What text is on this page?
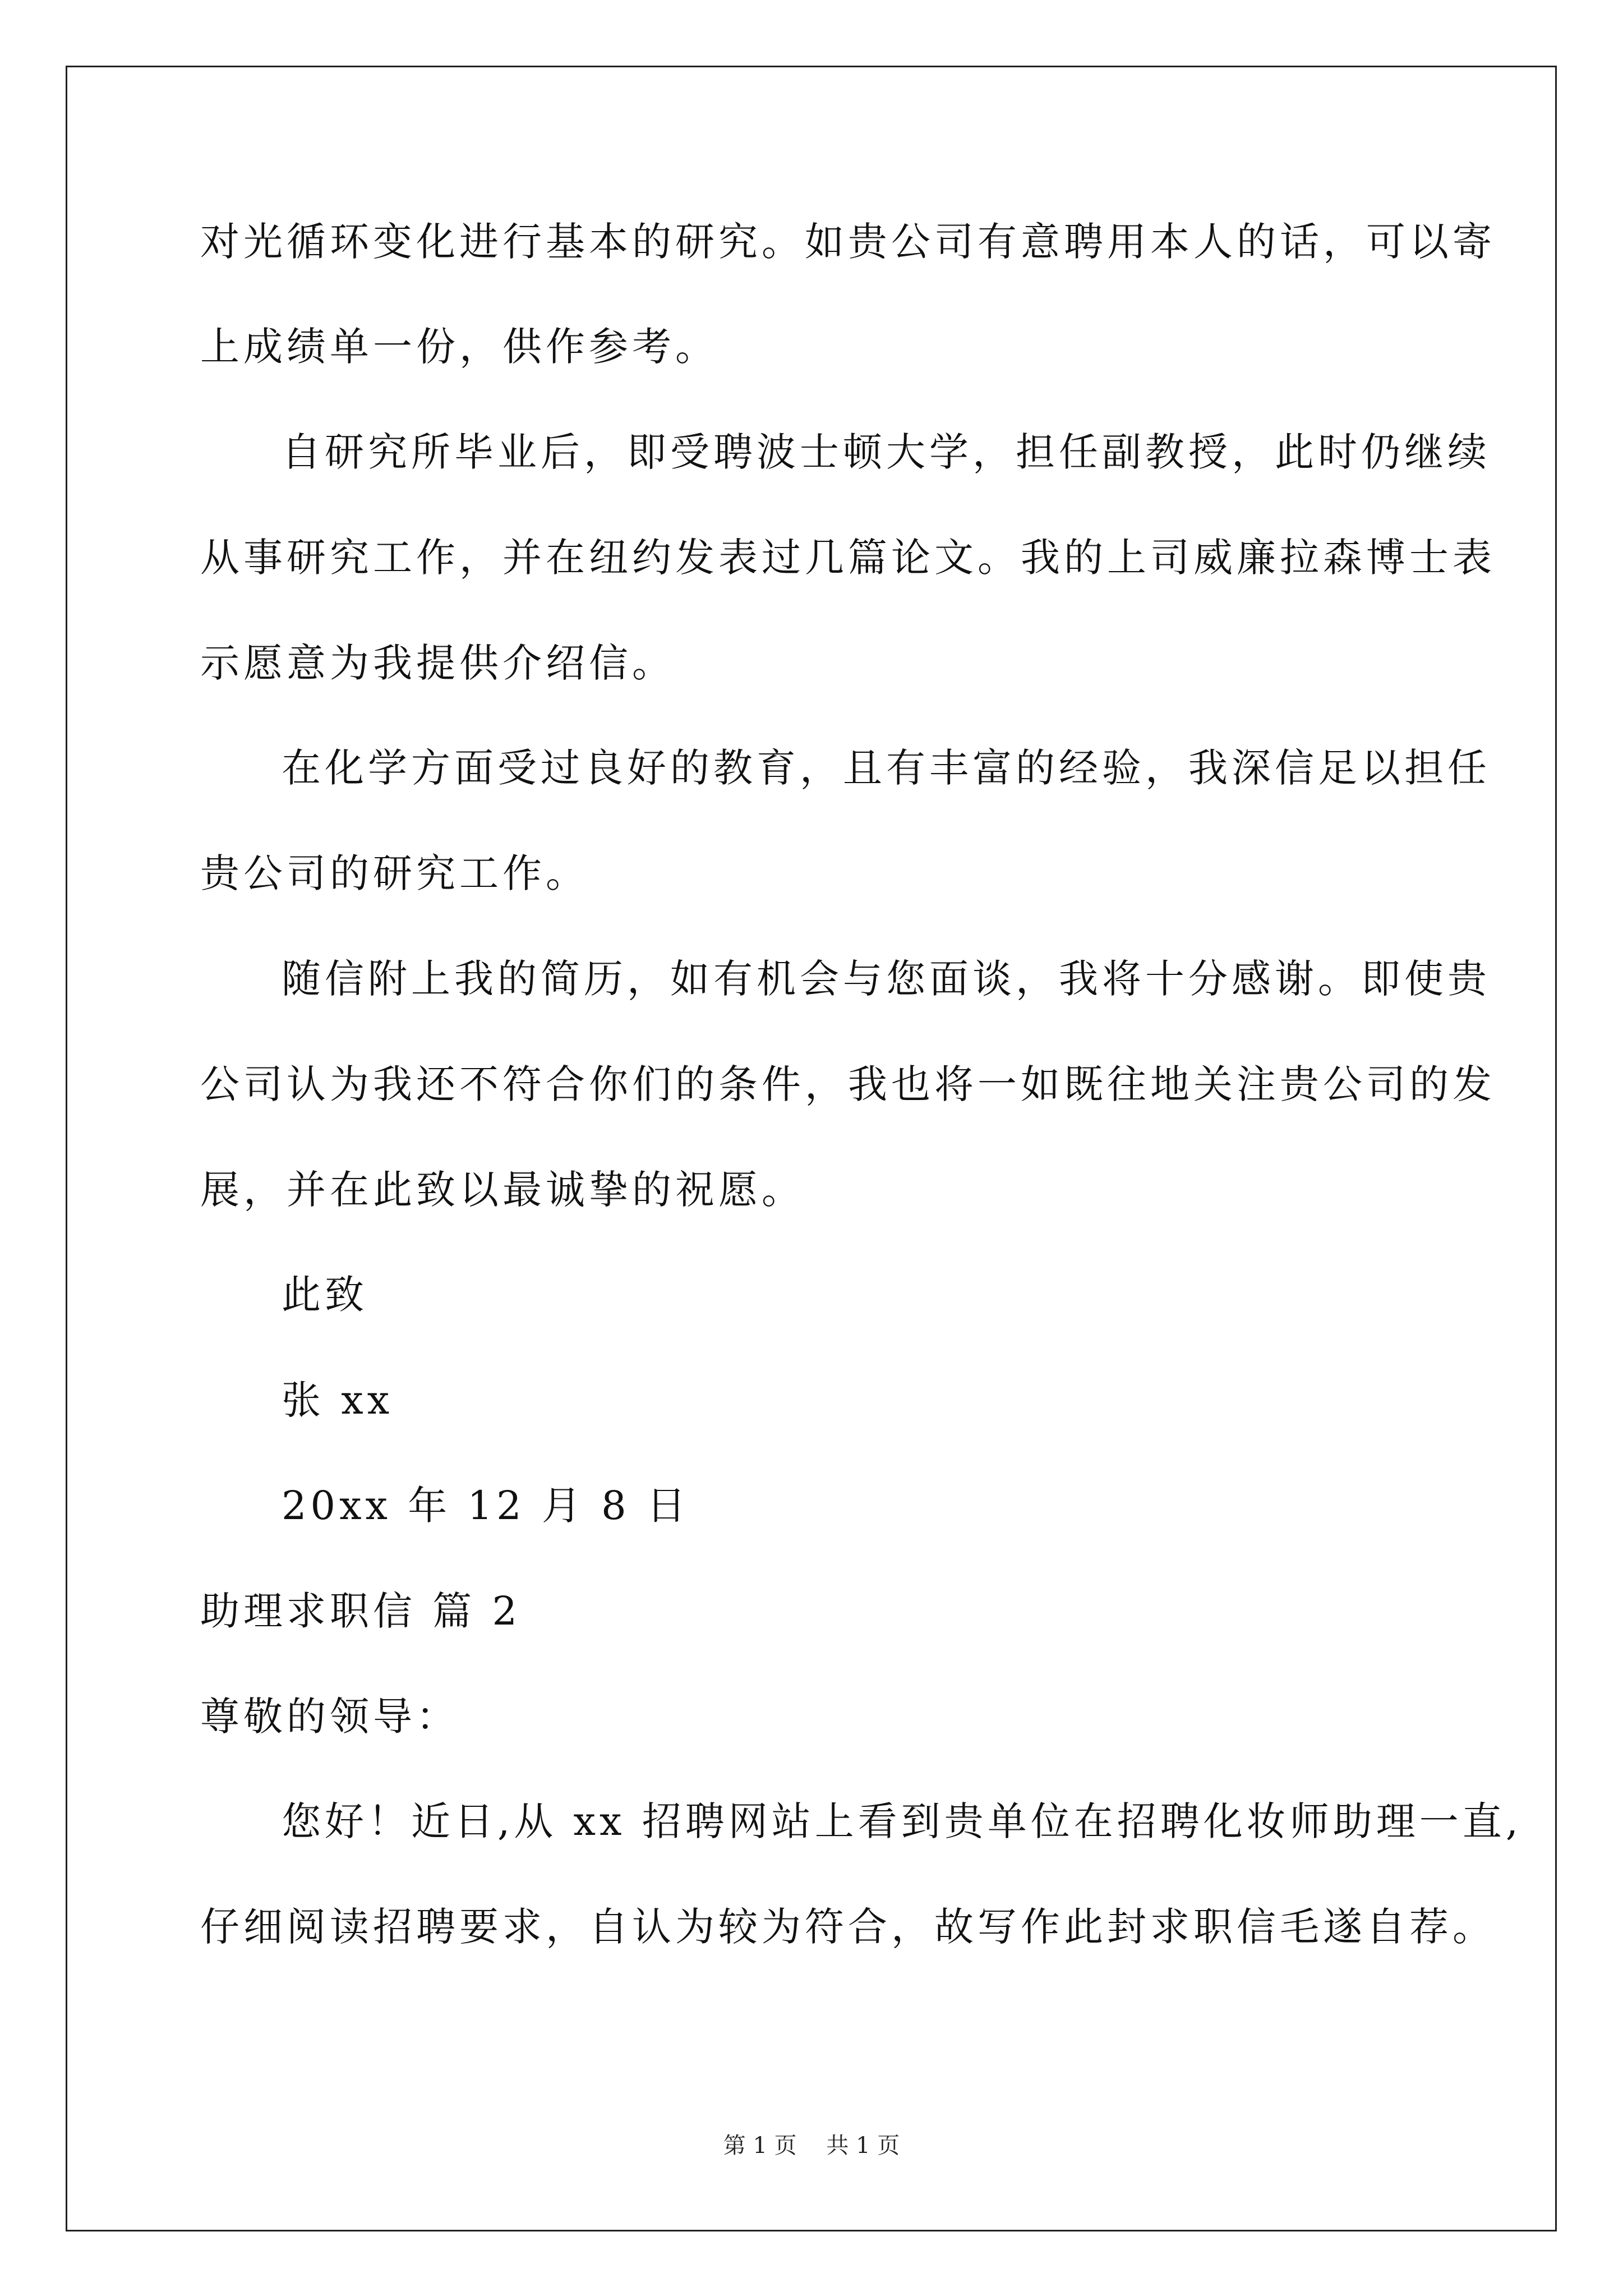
对光循环变化进行基本的研究。如贵公司有意聘用本人的话，可以寄
上成绩单一份，供作参考。
自研究所毕业后，即受聘波士顿大学，担任副教授，此时仍继续
从事研究工作，并在纽约发表过几篇论文。我的上司威廉拉森博士表
示愿意为我提供介绍信。
在化学方面受过良好的教育，且有丰富的经验，我深信足以担任
贵公司的研究工作。
随信附上我的简历，如有机会与您面谈，我将十分感谢。即使贵
公司认为我还不符合你们的条件，我也将一如既往地关注贵公司的发
展，并在此致以最诚挚的祝愿。
此致
张 xx
20xx 年 12 月 8 日
助理求职信 篇 2
尊敬的领导：
您好！近日,从 xx 招聘网站上看到贵单位在招聘化妆师助理一直,
仔细阅读招聘要求，自认为较为符合，故写作此封求职信毛遂自荐。
第 1 页 共 1 页
